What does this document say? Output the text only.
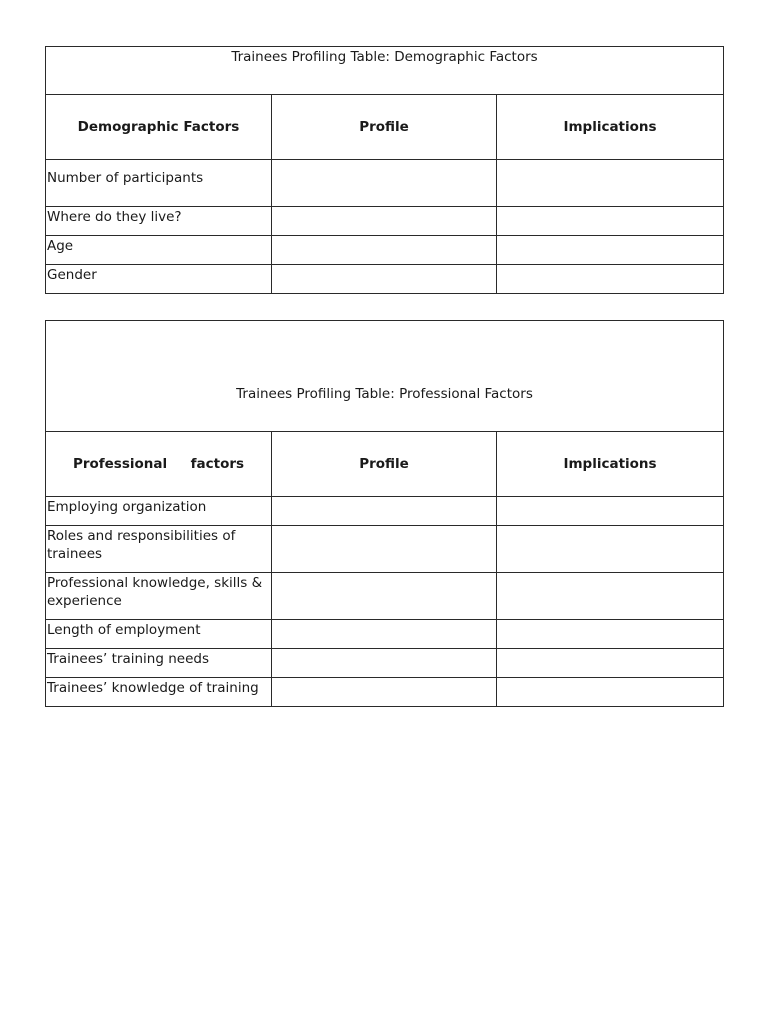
Trainees Profiling Table: Demographic Factors		
Demographic Factors	Profile	Implications
Number of participants		
Where do they live?		
Age		
Gender		
Trainees Profiling Table: Professional Factors		
Professional     factors	Profile	Implications
Employing organization		
Roles and responsibilities of trainees		
Professional knowledge, skills & experience		
Length of employment		
Trainees’ training needs		
Trainees’ knowledge of training		
